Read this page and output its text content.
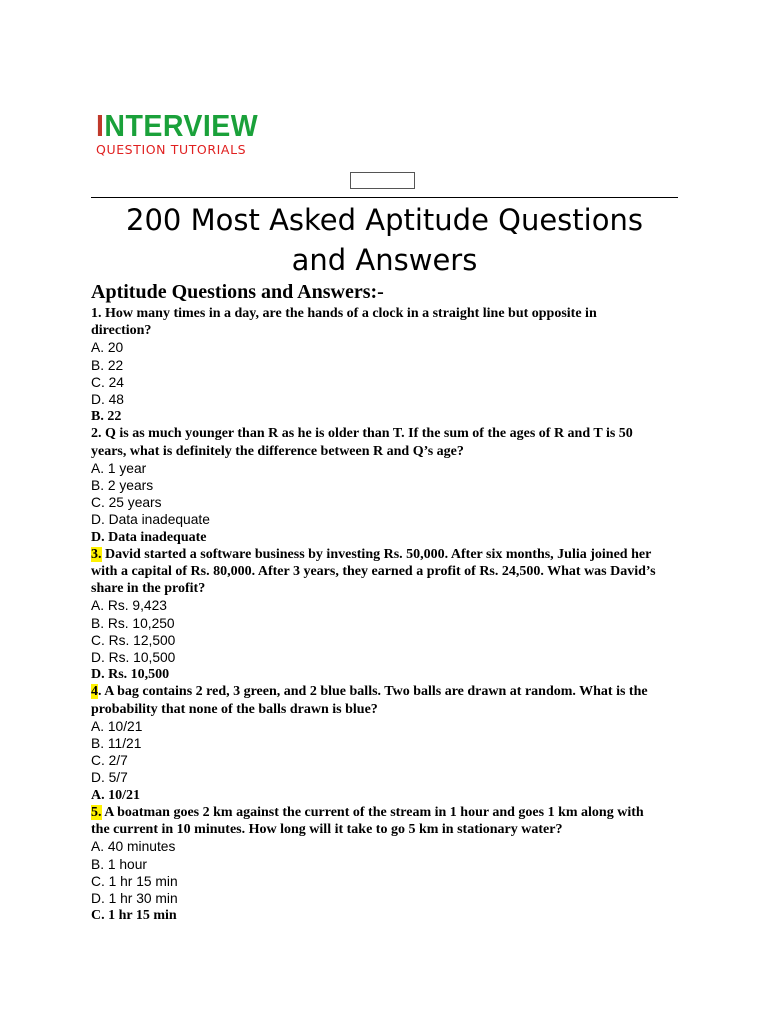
INTERVIEW
QUESTION TUTORIALS
200 Most Asked Aptitude Questions
and Answers
Aptitude Questions and Answers:-
1. How many times in a day, are the hands of a clock in a straight line but opposite in
direction?
A. 20
B. 22
C. 24
D. 48
B. 22
2. Q is as much younger than R as he is older than T. If the sum of the ages of R and T is 50
years, what is definitely the difference between R and Q’s age?
A. 1 year
B. 2 years
C. 25 years
D. Data inadequate
D. Data inadequate
3. David started a software business by investing Rs. 50,000. After six months, Julia joined her
with a capital of Rs. 80,000. After 3 years, they earned a profit of Rs. 24,500. What was David’s
share in the profit?
A. Rs. 9,423
B. Rs. 10,250
C. Rs. 12,500
D. Rs. 10,500
D. Rs. 10,500
4. A bag contains 2 red, 3 green, and 2 blue balls. Two balls are drawn at random. What is the
probability that none of the balls drawn is blue?
A. 10/21
B. 11/21
C. 2/7
D. 5/7
A. 10/21
5. A boatman goes 2 km against the current of the stream in 1 hour and goes 1 km along with
the current in 10 minutes. How long will it take to go 5 km in stationary water?
A. 40 minutes
B. 1 hour
C. 1 hr 15 min
D. 1 hr 30 min
C. 1 hr 15 min
